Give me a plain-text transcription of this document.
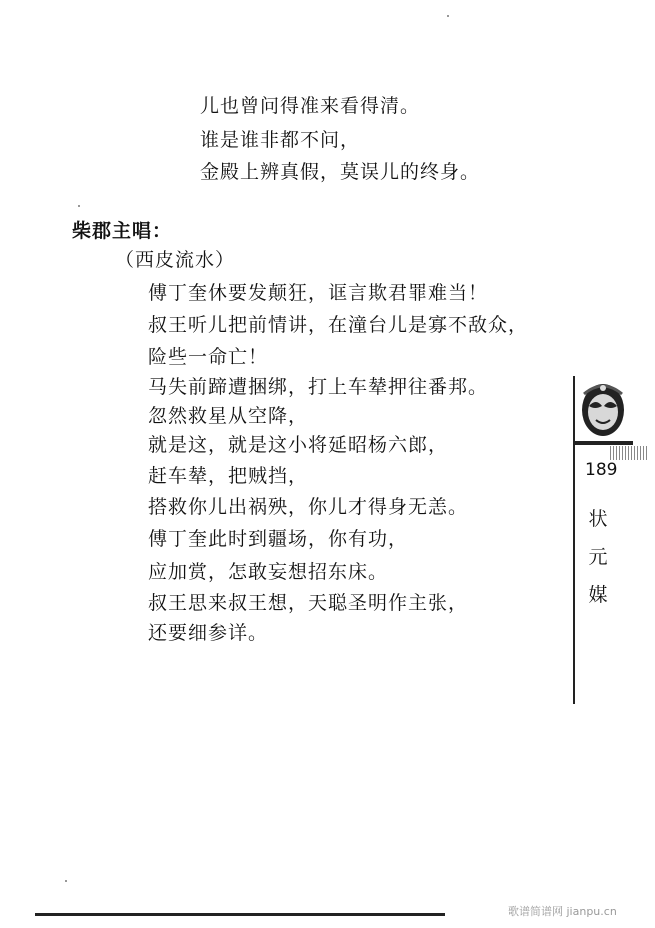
儿也曾问得准来看得清。
谁是谁非都不问，
金殿上辨真假，莫误儿的终身。
柴郡主唱：
（西皮流水）
傅丁奎休要发颠狂，诓言欺君罪难当！
叔王听儿把前情讲，在潼台儿是寡不敌众，
险些一命亡！
马失前蹄遭捆绑，打上车辇押往番邦。
忽然救星从空降，
就是这，就是这小将延昭杨六郎，
赶车辇，把贼挡，
搭救你儿出祸殃，你儿才得身无恙。
傅丁奎此时到疆场，你有功，
应加赏，怎敢妄想招东床。
叔王思来叔王想，天聪圣明作主张，
还要细参详。
189
状
元
媒
歌谱简谱网 jianpu.cn
